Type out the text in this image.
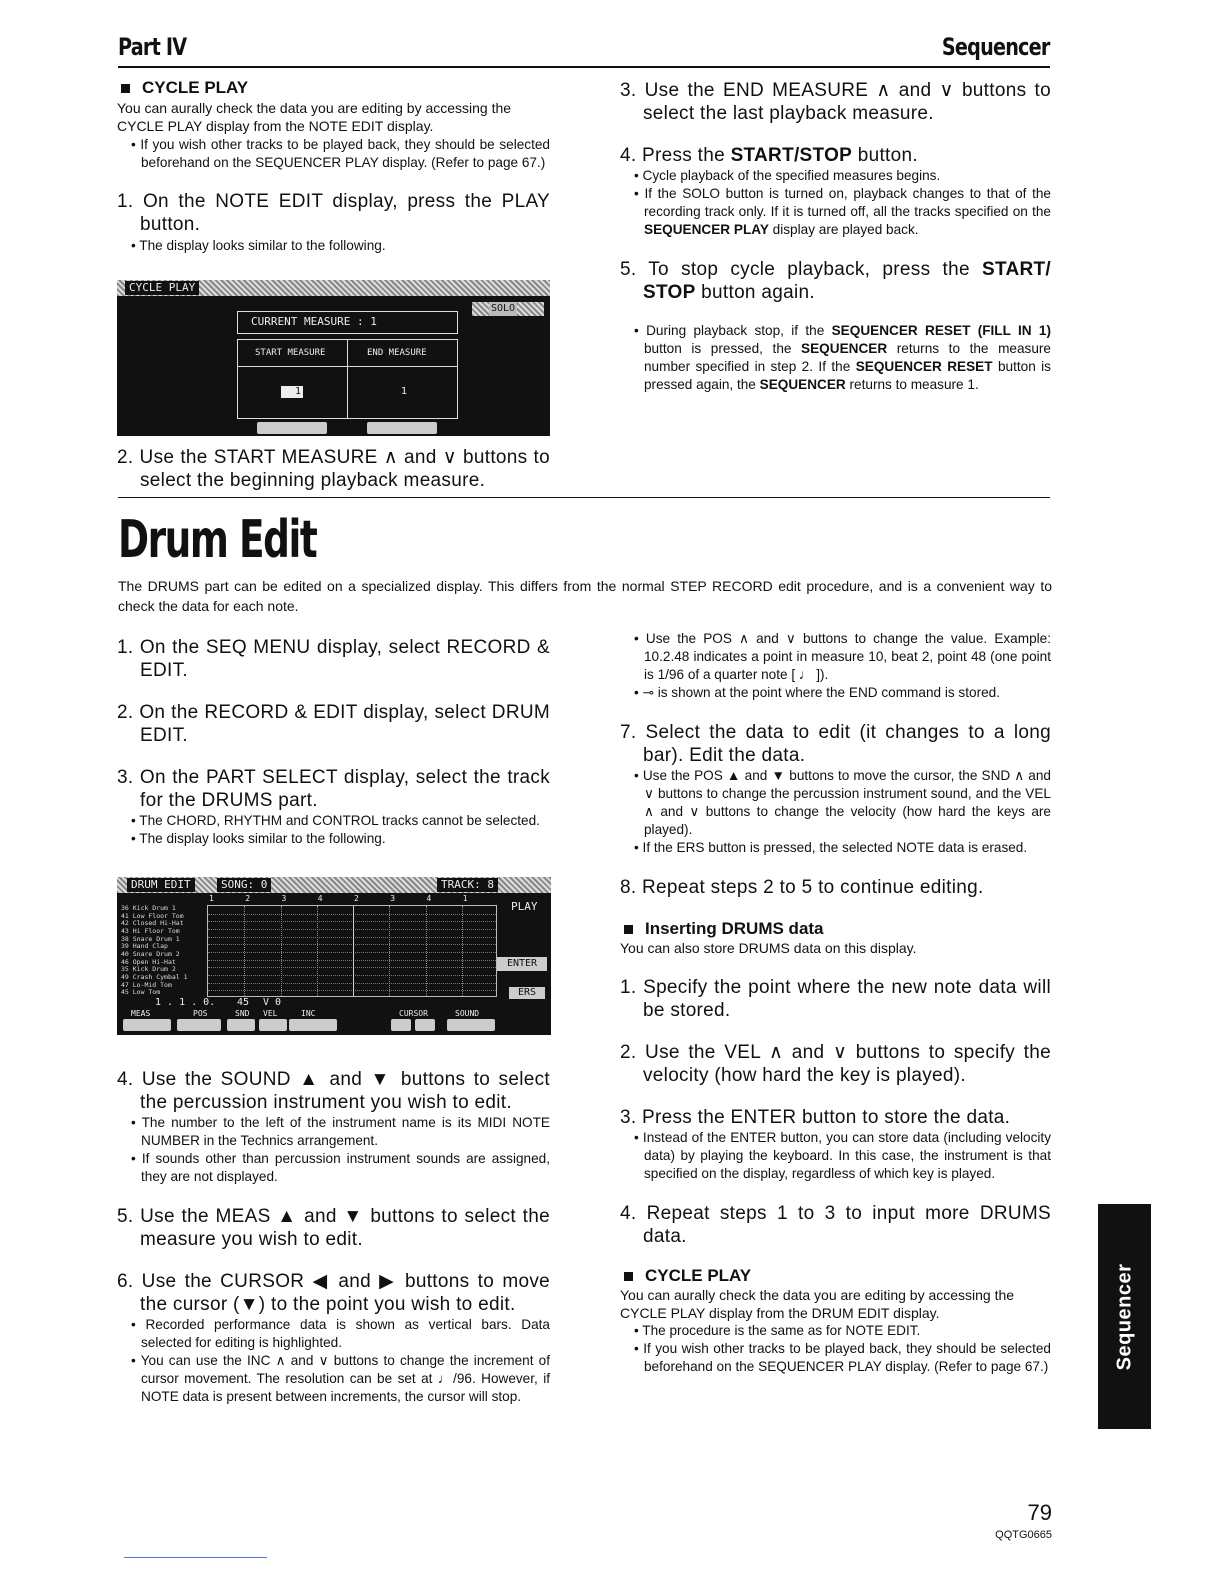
Part IV	Sequencer
CYCLE PLAY

You can aurally check the data you are editing by accessing the CYCLE PLAY display from the NOTE EDIT display.

• If you wish other tracks to be played back, they should be selected beforehand on the SEQUENCER PLAY display. (Refer to page 67.)

1. On the NOTE EDIT display, press the PLAY button.

• The display looks similar to the following.

CYCLE PLAY
CURRENT MEASURE : 1
START MEASURE	END MEASURE
1	1
SOLO

2. Use the START MEASURE ∧ and ∨ buttons to select the beginning playback measure.

3. Use the END MEASURE ∧ and ∨ buttons to select the last playback measure.

4. Press the START/STOP button.

• Cycle playback of the specified measures begins.

• If the SOLO button is turned on, playback changes to that of the recording track only. If it is turned off, all the tracks specified on the SEQUENCER PLAY display are played back.

5. To stop cycle playback, press the START/ STOP button again.

• During playback stop, if the SEQUENCER RESET (FILL IN 1) button is pressed, the SEQUENCER returns to the measure number specified in step 2. If the SEQUENCER RESET button is pressed again, the SEQUENCER returns to measure 1.

Drum Edit

The DRUMS part can be edited on a specialized display. This differs from the normal STEP RECORD edit procedure, and is a convenient way to check the data for each note.

1. On the SEQ MENU display, select RECORD & EDIT.

2. On the RECORD & EDIT display, select DRUM EDIT.

3. On the PART SELECT display, select the track for the DRUMS part.

• The CHORD, RHYTHM and CONTROL tracks cannot be selected.

• The display looks similar to the following.

DRUM EDIT	SONG: 0	TRACK: 8
1	2	3	4	2	3	4	1
36 Kick Drum 1
41 Low Floor Tom
42 Closed Hi-Hat
43 Hi Floor Tom
38 Snare Drum 1
39 Hand Clap
40 Snare Drum 2
46 Open Hi-Hat
35 Kick Drum 2
49 Crash Cymbal 1
47 Lo-Mid Tom
45 Low Tom
PLAY
ENTER
ERS
1 . 1 . 0. 45 V 0
MEAS	POS	SND VEL	INC	CURSOR	SOUND

4. Use the SOUND ▲ and ▼ buttons to select the percussion instrument you wish to edit.

• The number to the left of the instrument name is its MIDI NOTE NUMBER in the Technics arrangement.

• If sounds other than percussion instrument sounds are assigned, they are not displayed.

5. Use the MEAS ▲ and ▼ buttons to select the measure you wish to edit.

6. Use the CURSOR ◀ and ▶ buttons to move the cursor (▼) to the point you wish to edit.

• Recorded performance data is shown as vertical bars. Data selected for editing is highlighted.

• You can use the INC ∧ and ∨ buttons to change the increment of cursor movement. The resolution can be set at ♩/96. However, if NOTE data is present between increments, the cursor will stop.

• Use the POS ∧ and ∨ buttons to change the value. Example: 10.2.48 indicates a point in measure 10, beat 2, point 48 (one point is 1/96 of a quarter note [ ♩ ]).

• ⊸ is shown at the point where the END command is stored.

7. Select the data to edit (it changes to a long bar). Edit the data.

• Use the POS ▲ and ▼ buttons to move the cursor, the SND ∧ and ∨ buttons to change the percussion instrument sound, and the VEL ∧ and ∨ buttons to change the velocity (how hard the keys are played).

• If the ERS button is pressed, the selected NOTE data is erased.

8. Repeat steps 2 to 5 to continue editing.

Inserting DRUMS data

You can also store DRUMS data on this display.

1. Specify the point where the new note data will be stored.

2. Use the VEL ∧ and ∨ buttons to specify the velocity (how hard the key is played).

3. Press the ENTER button to store the data.

• Instead of the ENTER button, you can store data (including velocity data) by playing the keyboard. In this case, the instrument is that specified on the display, regardless of which key is played.

4. Repeat steps 1 to 3 to input more DRUMS data.

CYCLE PLAY

You can aurally check the data you are editing by accessing the CYCLE PLAY display from the DRUM EDIT display.

• The procedure is the same as for NOTE EDIT.

• If you wish other tracks to be played back, they should be selected beforehand on the SEQUENCER PLAY display. (Refer to page 67.)	Sequencer
79
QQTG0665
